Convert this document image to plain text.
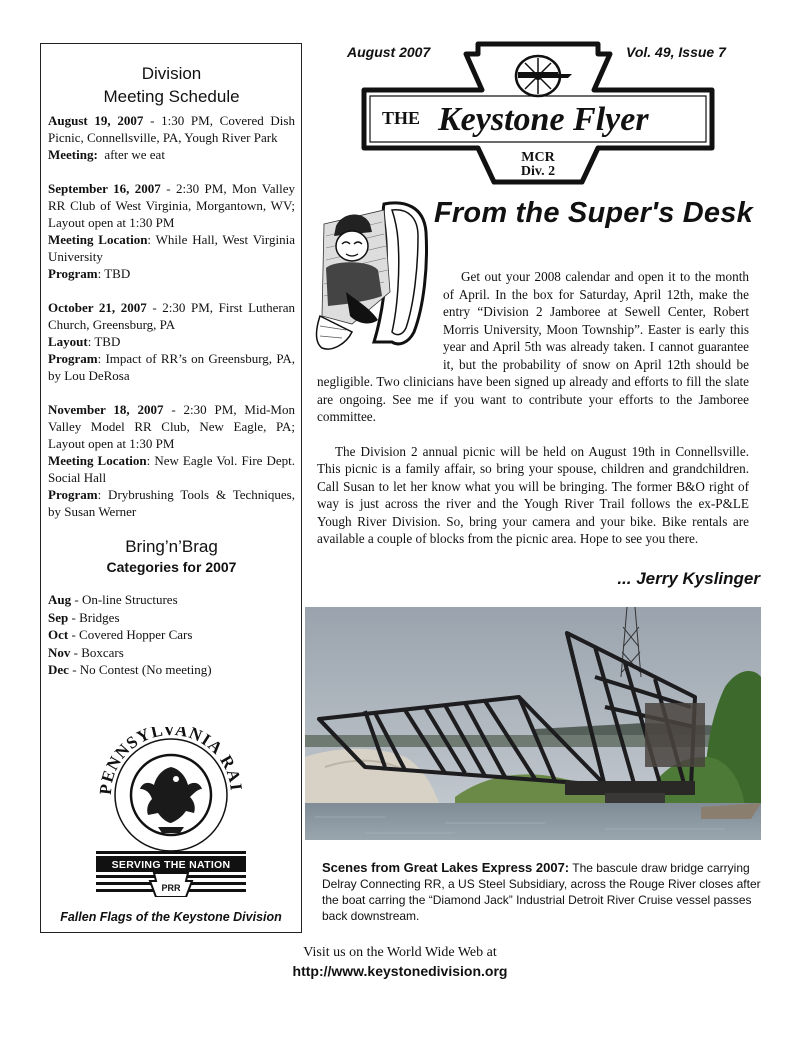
Division
Meeting Schedule
August 19, 2007 - 1:30 PM, Covered Dish Picnic, Connellsville, PA, Yough River Park
Meeting: after we eat
September 16, 2007 - 2:30 PM, Mon Valley RR Club of West Virginia, Morgantown, WV; Layout open at 1:30 PM
Meeting Location: While Hall, West Virginia University
Program: TBD
October 21, 2007 - 2:30 PM, First Lutheran Church, Greensburg, PA
Layout: TBD
Program: Impact of RR’s on Greensburg, PA, by Lou DeRosa
November 18, 2007 - 2:30 PM, Mid-Mon Valley Model RR Club, New Eagle, PA; Layout open at 1:30 PM
Meeting Location: New Eagle Vol. Fire Dept. Social Hall
Program: Drybrushing Tools & Techniques, by Susan Werner
Bring’n’Brag
Categories for 2007
Aug - On-line Structures
Sep - Bridges
Oct - Covered Hopper Cars
Nov - Boxcars
Dec - No Contest (No meeting)
PENNSYLVANIA RAI
SERVING THE NATION
PRR
Fallen Flags of the Keystone Division
August 2007	Vol. 49, Issue 7
THE Keystone Flyer
MCR
Div. 2
From the Super's Desk

Get out your 2008 calendar and open it to the month of April. In the box for Saturday, April 12th, make the entry “Division 2 Jamboree at Sewell Center, Robert Morris University, Moon Township”. Easter is early this year and April 5th was already taken. I cannot guarantee it, but the probability of snow on April 12th should be negligible. Two clinicians have been signed up already and efforts to fill the slate are ongoing. See me if you want to contribute your efforts to the Jamboree committee.

The Division 2 annual picnic will be held on August 19th in Connellsville. This picnic is a family affair, so bring your spouse, children and grandchildren. Call Susan to let her know what you will be bringing. The former B&O right of way is just across the river and the Yough River Trail follows the ex-P&LE Yough River Division. So, bring your camera and your bike. Bike rentals are available a couple of blocks from the picnic area. Hope to see you there.

... Jerry Kyslinger
Scenes from Great Lakes Express 2007: The bascule draw bridge carrying Delray Connecting RR, a US Steel Subsidiary, across the Rouge River closes after the boat carring the “Diamond Jack” Industrial Detroit River Cruise vessel passes back downstream.
Visit us on the World Wide Web at
http://www.keystonedivision.org
